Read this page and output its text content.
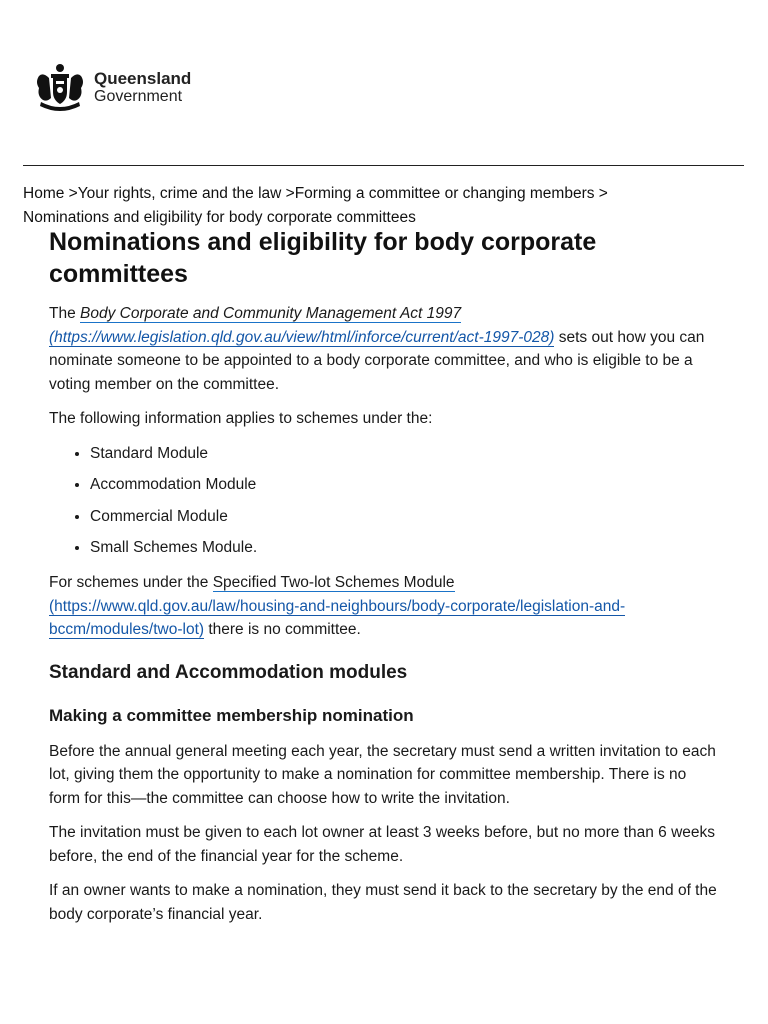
Queensland
Government
Home >Your rights, crime and the law >Forming a committee or changing members >
Nominations and eligibility for body corporate committees
Nominations and eligibility for body corporate committees

The Body Corporate and Community Management Act 1997
(https://www.legislation.qld.gov.au/view/html/inforce/current/act-1997-028) sets out how you can nominate someone to be appointed to a body corporate committee, and who is eligible to be a voting member on the committee.

The following information applies to schemes under the:

• Standard Module
• Accommodation Module
• Commercial Module
• Small Schemes Module.

For schemes under the Specified Two-lot Schemes Module
(https://www.qld.gov.au/law/housing-and-neighbours/body-corporate/legislation-and-bccm/modules/two-lot) there is no committee.

Standard and Accommodation modules
Making a committee membership nomination

Before the annual general meeting each year, the secretary must send a written invitation to each lot, giving them the opportunity to make a nomination for committee membership. There is no form for this—the committee can choose how to write the invitation.

The invitation must be given to each lot owner at least 3 weeks before, but no more than 6 weeks before, the end of the financial year for the scheme.

If an owner wants to make a nomination, they must send it back to the secretary by the end of the body corporate’s financial year.
